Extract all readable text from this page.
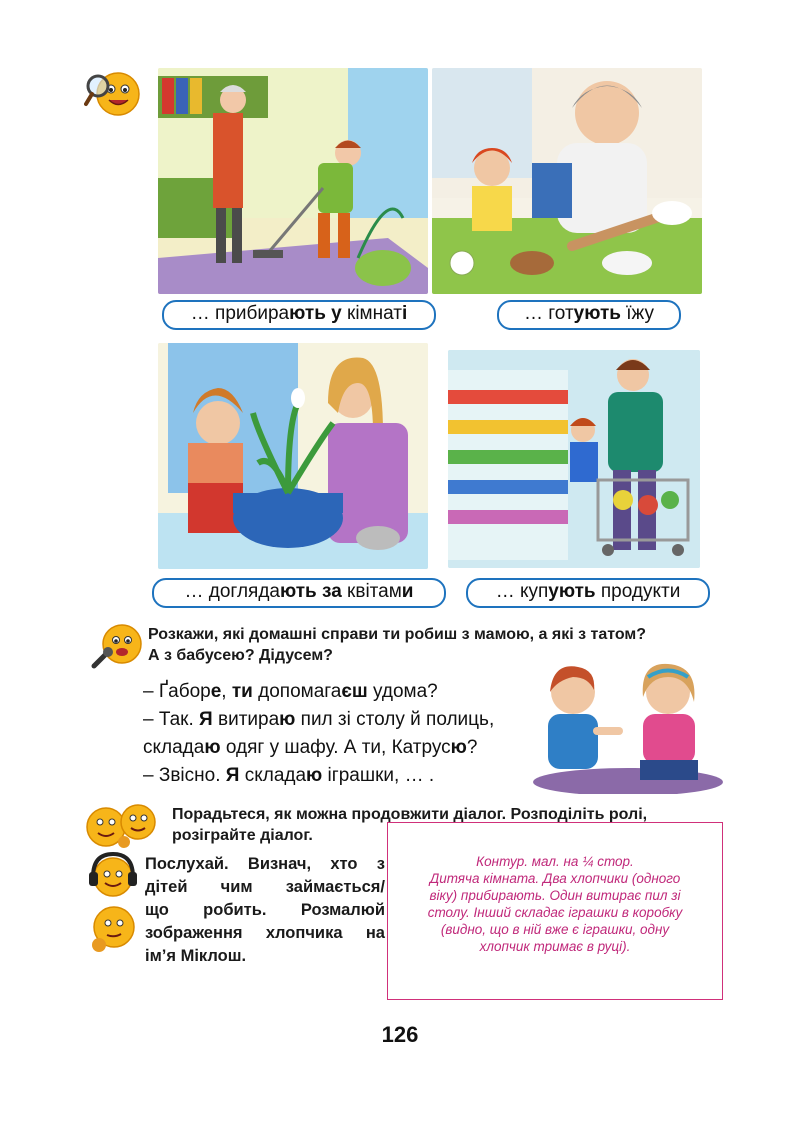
… прибирають у кімнаті	… готують їжу
… доглядають за квітами	… купують продукти
Розкажи, які домашні справи ти робиш з мамою, а які з татом?
А з бабусею? Дідусем?
– Ґаборе, ти допомагаєш удома?
– Так. Я витираю пил зі столу й полиць,
складаю одяг у шафу. А ти, Катрусю?
– Звісно. Я складаю іграшки, … .
Порадьтеся, як можна продовжити діалог. Розподіліть ролі,
розіграйте діалог.
Послухай. Визнач, хто з
дітей чим займається/
що робить. Розмалюй
зображення хлопчика на
ім’я Міклош.
Контур. мал. на ¼ стор.
Дитяча кімната. Два хлопчики (одного
віку) прибирають. Один витирає пил зі
столу. Інший складає іграшки в коробку
(видно, що в ній вже є іграшки, одну
хлопчик тримає в руці).
126
